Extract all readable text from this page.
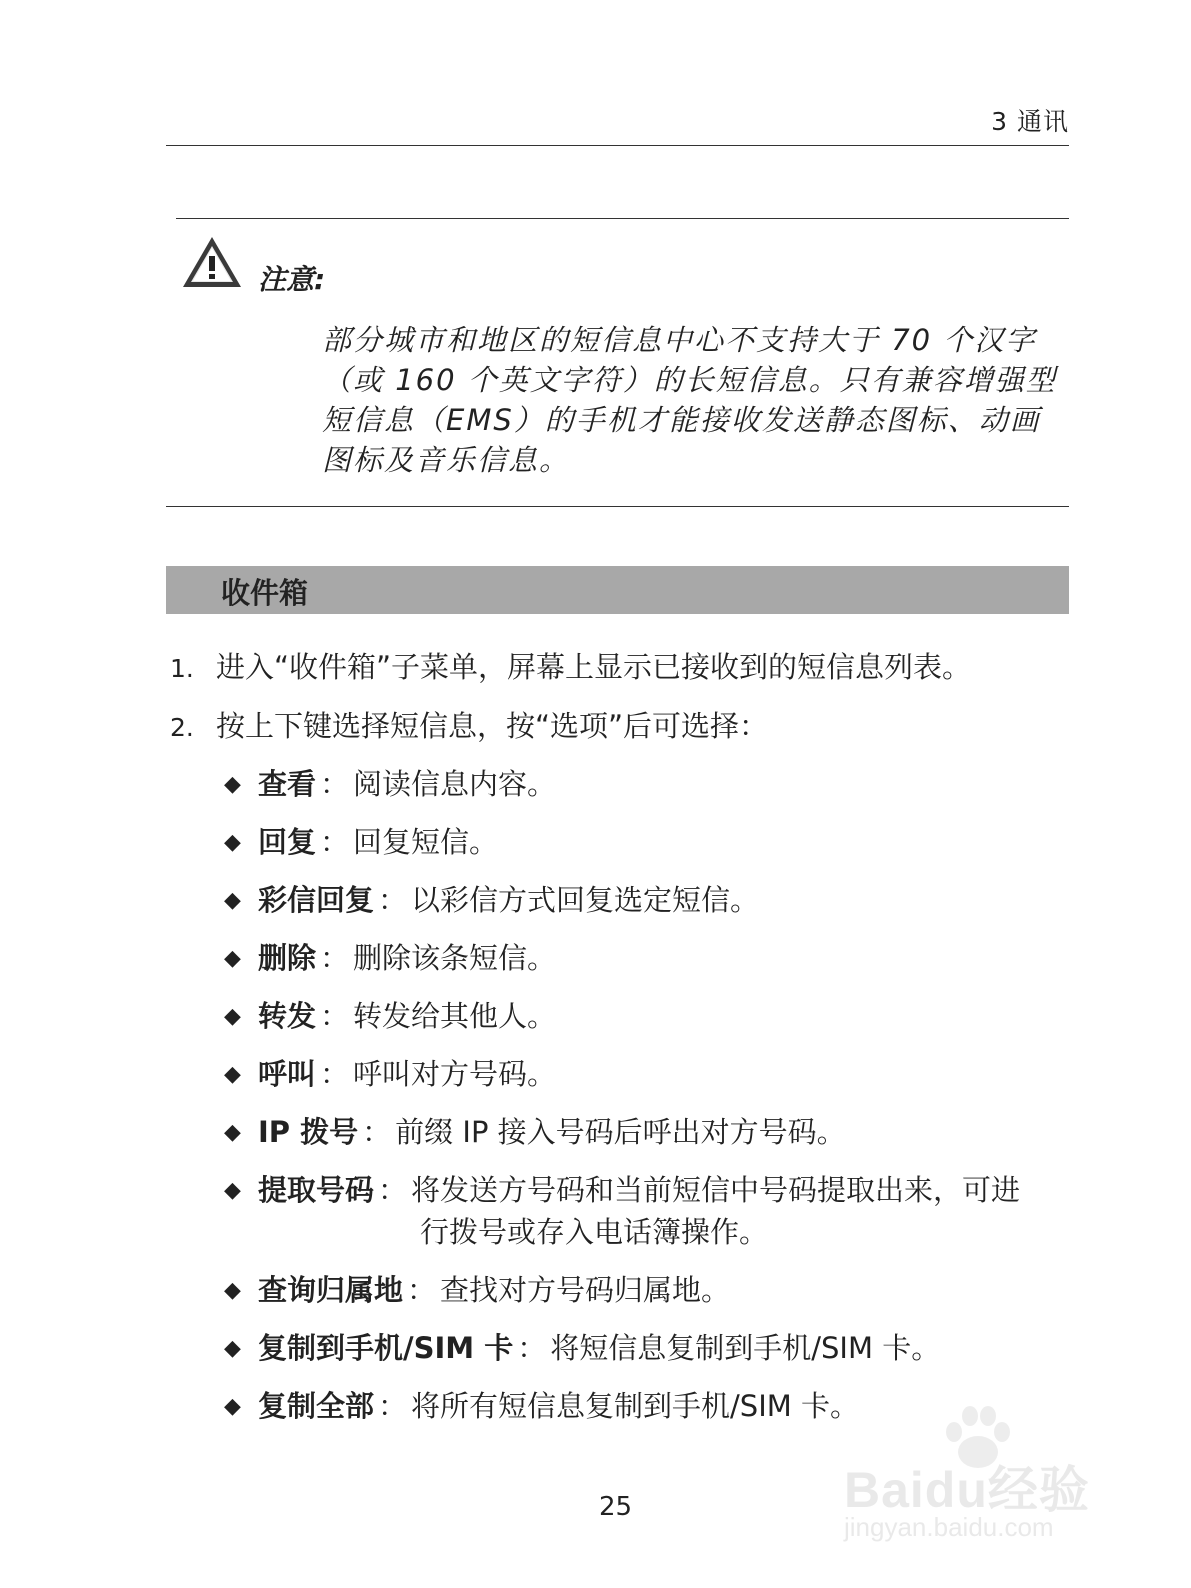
3 通讯
注意:
部分城市和地区的短信息中心不支持大于 70 个汉字
（或 160 个英文字符）的长短信息。只有兼容增强型
短信息（EMS）的手机才能接收发送静态图标、动画
图标及音乐信息。
收件箱
1. 进入“收件箱”子菜单，屏幕上显示已接收到的短信息列表。
2. 按上下键选择短信息，按“选项”后可选择：
◆ 查看 ： 阅读信息内容。
◆ 回复 ： 回复短信。
◆ 彩信回复 ： 以彩信方式回复选定短信。
◆ 删除 ： 删除该条短信。
◆ 转发 ： 转发给其他人。
◆ 呼叫 ： 呼叫对方号码。
◆ IP 拨号 ： 前缀 IP 接入号码后呼出对方号码。
◆ 提取号码 ： 将发送方号码和当前短信中号码提取出来，可进
行拨号或存入电话簿操作。
◆ 查询归属地 ： 查找对方号码归属地。
◆ 复制到手机/SIM 卡 ： 将短信息复制到手机/SIM 卡。
◆ 复制全部 ： 将所有短信息复制到手机/SIM 卡。
25	Baidu经验
jingyan.baidu.com
